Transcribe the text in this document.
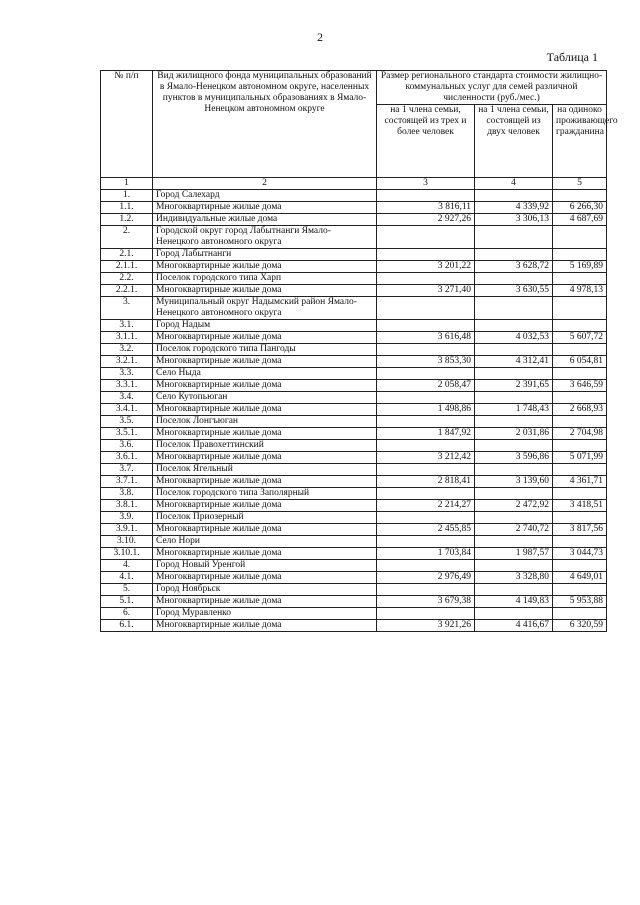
2
Таблица 1
№ п/п	Вид жилищного фонда муниципальных образований в Ямало-Ненецком автономном округе, населенных пунктов в муниципальных образованиях в Ямало-Ненецком автономном округе	Размер регионального стандарта стоимости жилищно-коммунальных услуг для семей различной численности (руб./мес.)		
		на 1 члена семьи, состоящей из трех и более человек	на 1 члена семьи, состоящей из двух человек	на одиноко проживающего гражданина
1	2	3	4	5
1.	Город Салехард			
1.1.	Многоквартирные жилые дома	3 816,11	4 339,92	6 266,30
1.2.	Индивидуальные жилые дома	2 927,26	3 306,13	4 687,69
2.	Городской округ город Лабытнанги Ямало-Ненецкого автономного округа			
2.1.	Город Лабытнанги			
2.1.1.	Многоквартирные жилые дома	3 201,22	3 628,72	5 169,89
2.2.	Поселок городского типа Харп			
2.2.1.	Многоквартирные жилые дома	3 271,40	3 630,55	4 978,13
3.	Муниципальный округ Надымский район Ямало-Ненецкого автономного округа			
3.1.	Город Надым			
3.1.1.	Многоквартирные жилые дома	3 616,48	4 032,53	5 607,72
3.2.	Поселок городского типа Пангоды			
3.2.1.	Многоквартирные жилые дома	3 853,30	4 312,41	6 054,81
3.3.	Село Ныда			
3.3.1.	Многоквартирные жилые дома	2 058,47	2 391,65	3 646,59
3.4.	Село Кутопьюган			
3.4.1.	Многоквартирные жилые дома	1 498,86	1 748,43	2 668,93
3.5.	Поселок Лонгъюган			
3.5.1.	Многоквартирные жилые дома	1 847,92	2 031,86	2 704,98
3.6.	Поселок Правохеттинский			
3.6.1.	Многоквартирные жилые дома	3 212,42	3 596,86	5 071,99
3.7.	Поселок Ягельный			
3.7.1.	Многоквартирные жилые дома	2 818,41	3 139,60	4 361,71
3.8.	Поселок городского типа Заполярный			
3.8.1.	Многоквартирные жилые дома	2 214,27	2 472,92	3 418,51
3.9.	Поселок Приозерный			
3.9.1.	Многоквартирные жилые дома	2 455,85	2 740,72	3 817,56
3.10.	Село Нори			
3.10.1.	Многоквартирные жилые дома	1 703,84	1 987,57	3 044,73
4.	Город Новый Уренгой			
4.1.	Многоквартирные жилые дома	2 976,49	3 328,80	4 649,01
5.	Город Ноябрьск			
5.1.	Многоквартирные жилые дома	3 679,38	4 149,83	5 953,88
6.	Город Муравленко			
6.1.	Многоквартирные жилые дома	3 921,26	4 416,67	6 320,59
